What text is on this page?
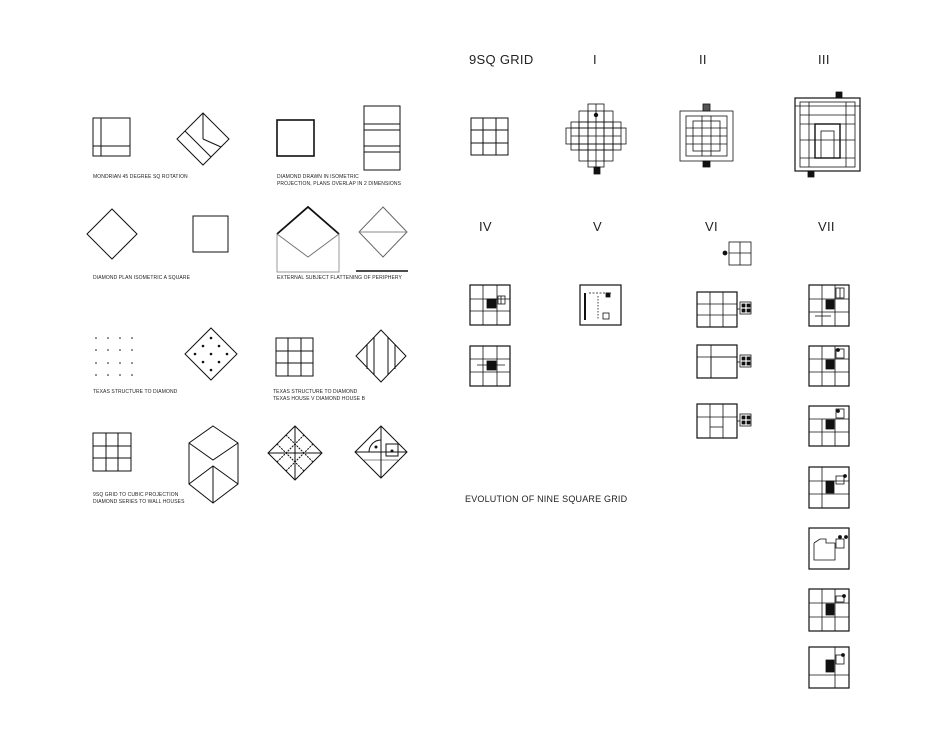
MONDRIAN 45 DEGREE SQ ROTATION	DIAMOND DRAWN IN ISOMETRIC
PROJECTION, PLANS OVERLAP IN 2 DIMENSIONS
DIAMOND PLAN ISOMETRIC A SQUARE	EXTERNAL SUBJECT FLATTENING OF PERIPHERY
TEXAS STRUCTURE TO DIAMOND	TEXAS STRUCTURE TO DIAMOND
TEXAS HOUSE V DIAMOND HOUSE B
9SQ GRID TO CUBIC PROJECTION
DIAMOND SERIES TO WALL HOUSES
9SQ GRID	I	II	III
IV	V	VI	VII
EVOLUTION OF NINE SQUARE GRID
